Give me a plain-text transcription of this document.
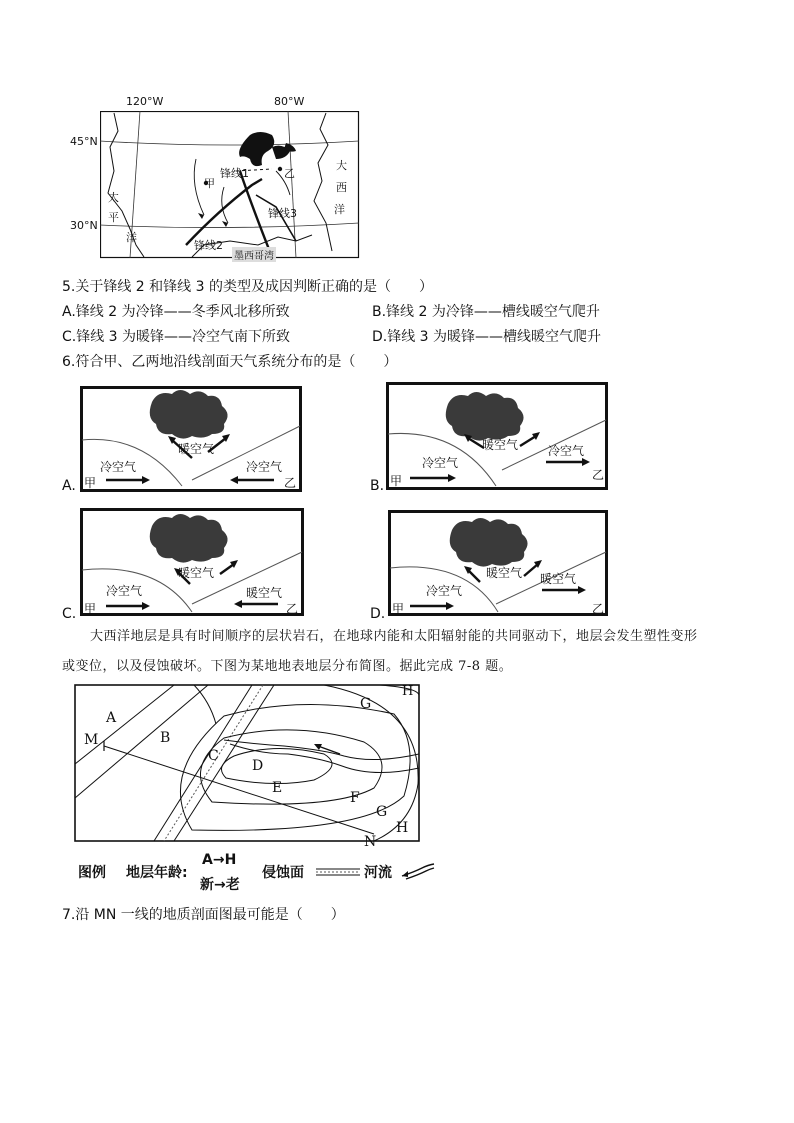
120°W	80°W
45°N
30°N
锋线1
锋线3
锋线2
甲
乙
墨西哥湾
太
平
洋
大
西
洋
5.关于锋线 2 和锋线 3 的类型及成因判断正确的是（　　）
A.锋线 2 为冷锋——冬季风北移所致	B.锋线 2 为冷锋——槽线暖空气爬升
C.锋线 3 为暖锋——冷空气南下所致	D.锋线 3 为暖锋——槽线暖空气爬升
6.符合甲、乙两地沿线剖面天气系统分布的是（　　）
A.
暖空气
冷空气	冷空气
甲	乙	B.
暖空气
冷空气
冷空气
甲	乙
C.
暖空气
冷空气	暖空气
甲	乙	D.
暖空气
冷空气
暖空气
甲	乙
大西洋地层是具有时间顺序的层状岩石，在地球内能和太阳辐射能的共同驱动下，地层会发生塑性变形
或变位，以及侵蚀破坏。下图为某地地表地层分布简图。据此完成 7-8 题。
A
B
C
D
E
F
G
G
H
H
M
N
图例 地层年龄:
A→H
新→老
侵蚀面	河流
7.沿 MN 一线的地质剖面图最可能是（　　）
